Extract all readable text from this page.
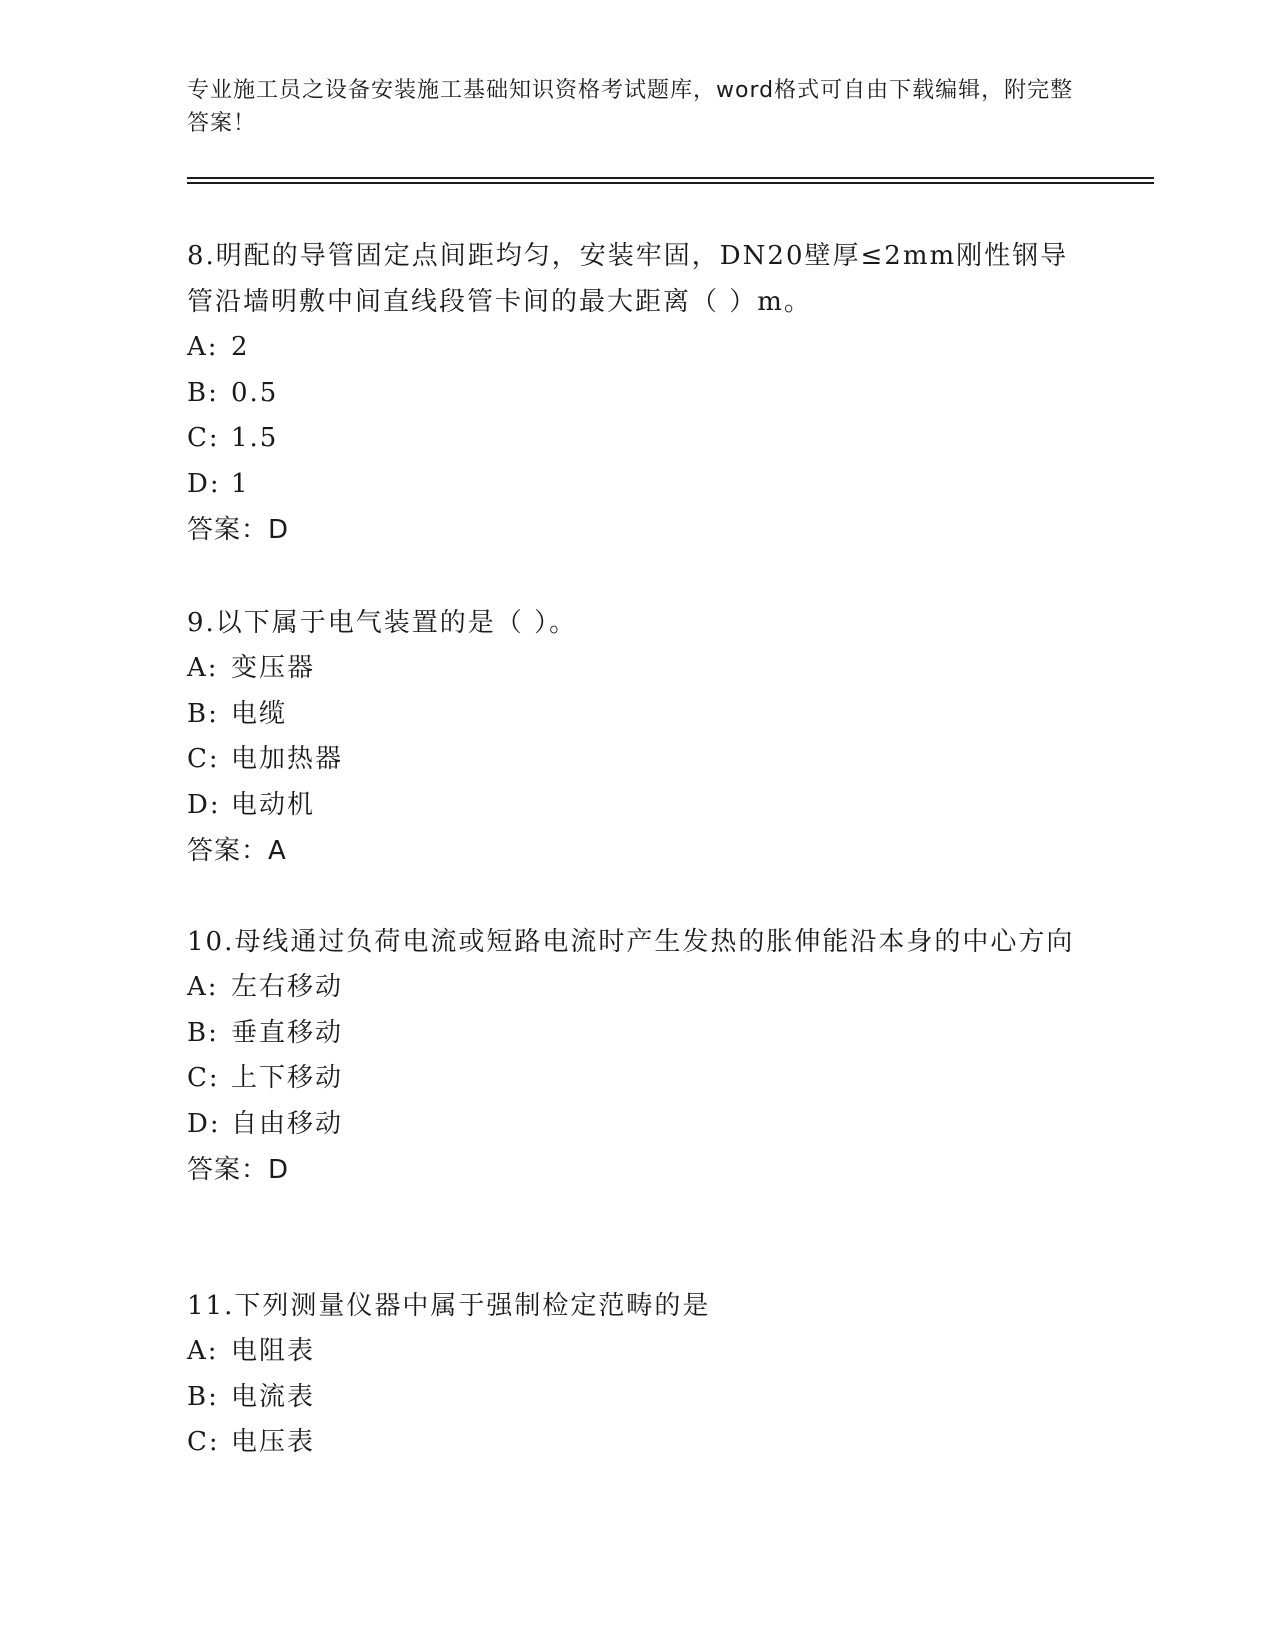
专业施工员之设备安装施工基础知识资格考试题库，word格式可自由下载编辑，附完整答案！
8.明配的导管固定点间距均匀，安装牢固，DN20壁厚≤2mm刚性钢导管沿墙明敷中间直线段管卡间的最大距离（ ）m。
A: 2
B: 0.5
C: 1.5
D: 1
答案：D
9.以下属于电气装置的是（ ）。
A: 变压器
B: 电缆
C: 电加热器
D: 电动机
答案：A
10.母线通过负荷电流或短路电流时产生发热的胀伸能沿本身的中心方向
A: 左右移动
B: 垂直移动
C: 上下移动
D: 自由移动
答案：D
11.下列测量仪器中属于强制检定范畴的是
A: 电阻表
B: 电流表
C: 电压表
